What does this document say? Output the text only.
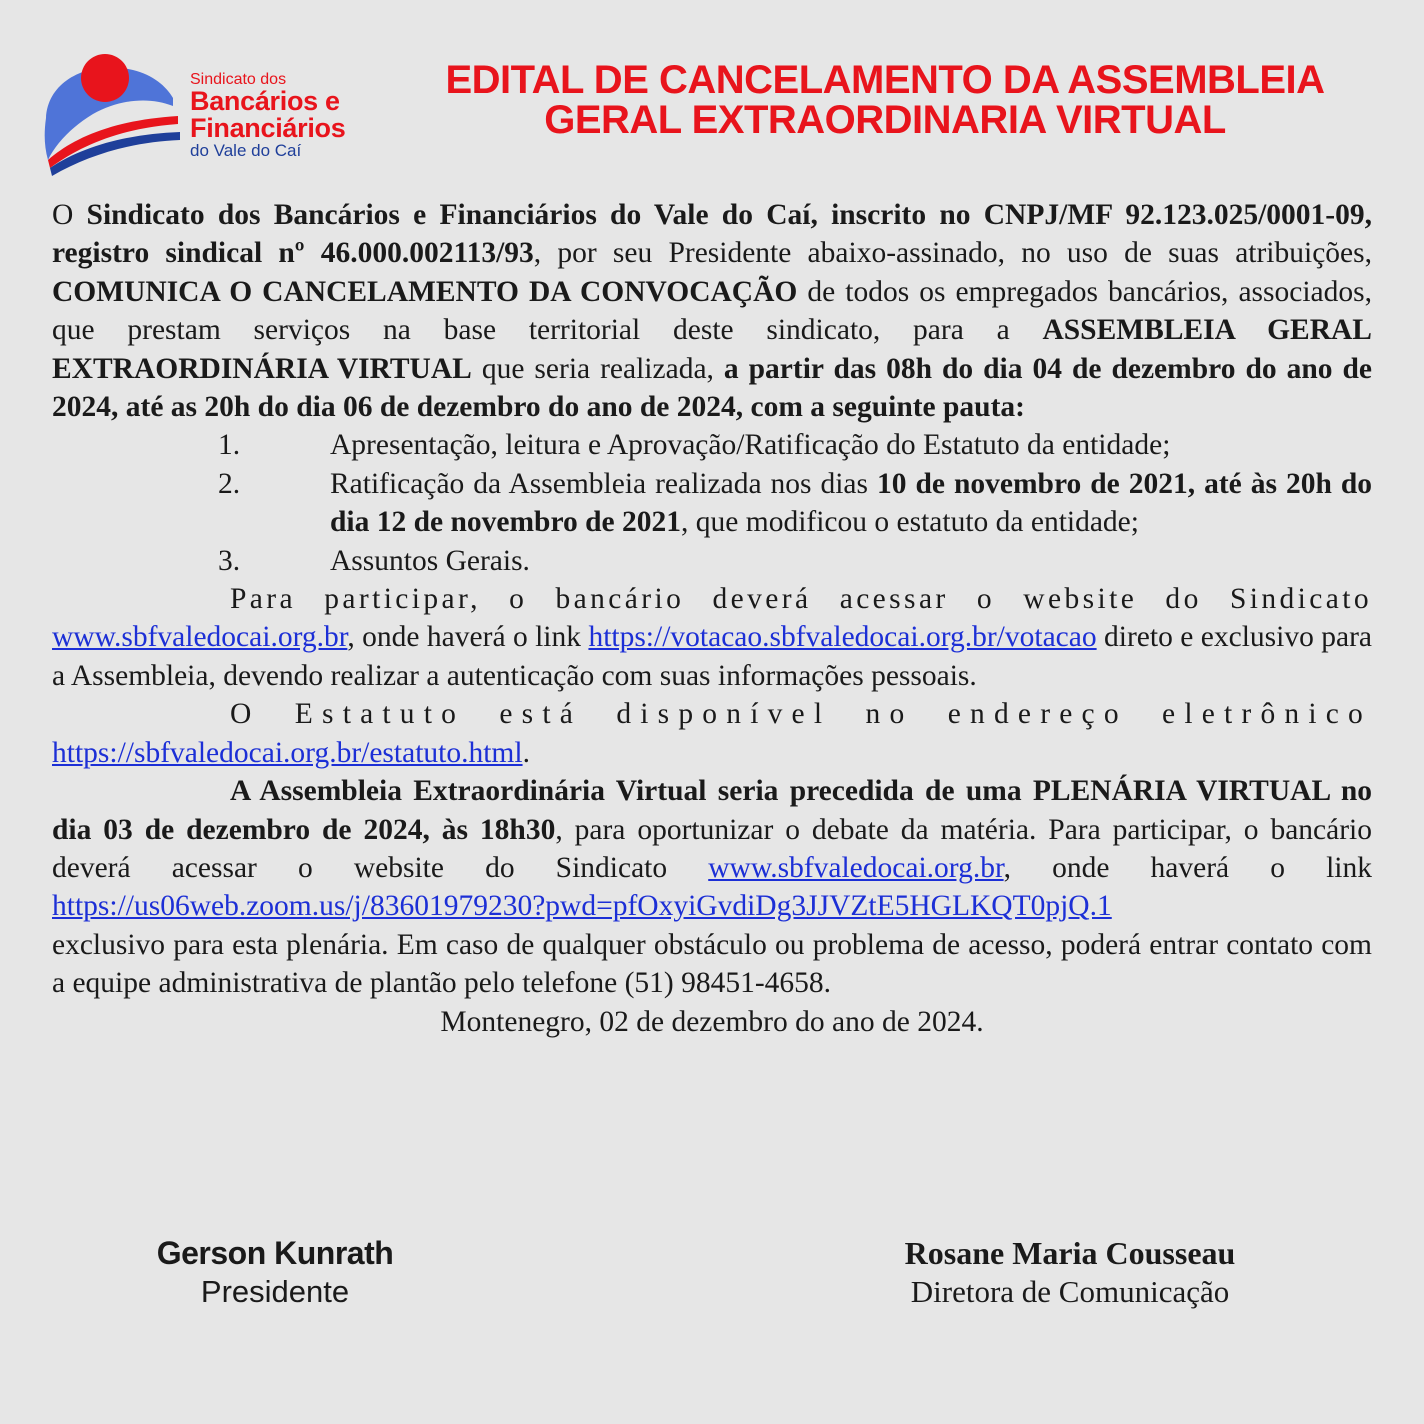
Sindicato dos
Bancários e
Financiários
do Vale do Caí
EDITAL DE CANCELAMENTO DA ASSEMBLEIA
GERAL EXTRAORDINARIA VIRTUAL

O Sindicato dos Bancários e Financiários do Vale do Caí, inscrito no CNPJ/MF 92.123.025/0001-09, registro sindical nº 46.000.002113/93, por seu Presidente abaixo-assinado, no uso de suas atribuições, COMUNICA O CANCELAMENTO DA CONVOCAÇÃO de todos os empregados bancários, associados, que prestam serviços na base territorial deste sindicato, para a ASSEMBLEIA GERAL EXTRAORDINÁRIA VIRTUAL que seria realizada, a partir das 08h do dia 04 de dezembro do ano de 2024, até as 20h do dia 06 de dezembro do ano de 2024, com a seguinte pauta:

1.	Apresentação, leitura e Aprovação/Ratificação do Estatuto da entidade;
2.	Ratificação da Assembleia realizada nos dias 10 de novembro de 2021, até às 20h do dia 12 de novembro de 2021, que modificou o estatuto da entidade;
3.	Assuntos Gerais.

Para participar, o bancário deverá acessar o website do Sindicato

www.sbfvaledocai.org.br, onde haverá o link https://votacao.sbfvaledocai.org.br/votacao direto e exclusivo para a Assembleia, devendo realizar a autenticação com suas informações pessoais.

O Estatuto está disponível no endereço eletrônico

https://sbfvaledocai.org.br/estatuto.html.

A Assembleia Extraordinária Virtual seria precedida de uma PLENÁRIA VIRTUAL no dia 03 de dezembro de 2024, às 18h30, para oportunizar o debate da matéria. Para participar, o bancário deverá acessar o website do Sindicato www.sbfvaledocai.org.br, onde haverá o link

https://us06web.zoom.us/j/83601979230?pwd=pfOxyiGvdiDg3JJVZtE5HGLKQT0pjQ.1

exclusivo para esta plenária. Em caso de qualquer obstáculo ou problema de acesso, poderá entrar contato com a equipe administrativa de plantão pelo telefone (51) 98451-4658.

Montenegro, 02 de dezembro do ano de 2024.

Gerson Kunrath
Presidente
Rosane Maria Cousseau
Diretora de Comunicação
